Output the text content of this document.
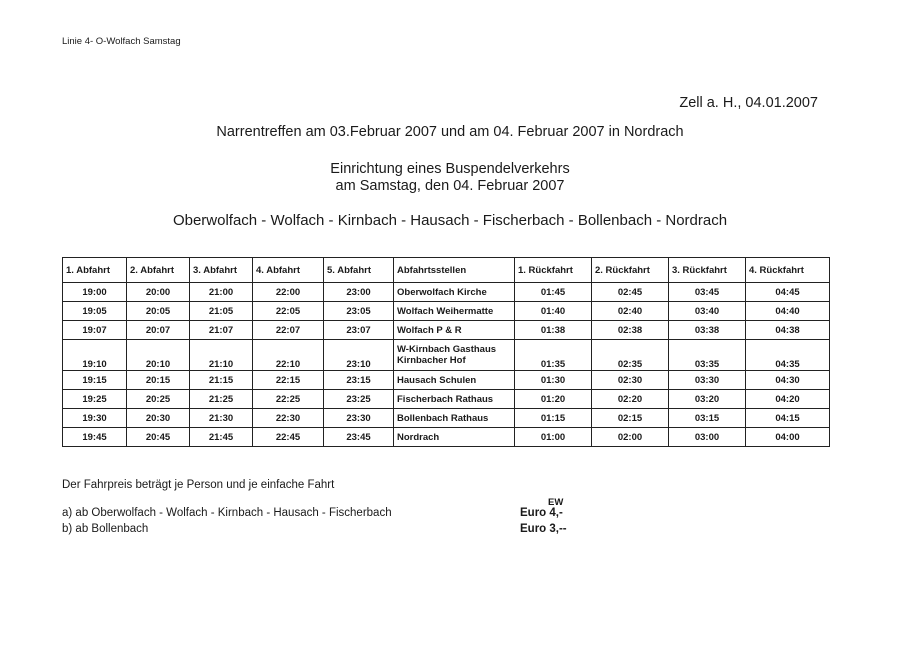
Linie 4- O-Wolfach Samstag
Zell a. H., 04.01.2007
Narrentreffen am 03.Februar 2007 und am 04. Februar 2007 in Nordrach
Einrichtung eines Buspendelverkehrs
am Samstag, den 04. Februar 2007
Oberwolfach - Wolfach - Kirnbach - Hausach - Fischerbach - Bollenbach - Nordrach
1. Abfahrt	2. Abfahrt	3. Abfahrt	4. Abfahrt	5. Abfahrt	Abfahrtsstellen	1. Rückfahrt	2. Rückfahrt	3. Rückfahrt	4. Rückfahrt
19:00	20:00	21:00	22:00	23:00	Oberwolfach Kirche	01:45	02:45	03:45	04:45
19:05	20:05	21:05	22:05	23:05	Wolfach Weihermatte	01:40	02:40	03:40	04:40
19:07	20:07	21:07	22:07	23:07	Wolfach P & R	01:38	02:38	03:38	04:38
19:10	20:10	21:10	22:10	23:10	W-Kirnbach Gasthaus
Kirnbacher Hof	01:35	02:35	03:35	04:35
19:15	20:15	21:15	22:15	23:15	Hausach Schulen	01:30	02:30	03:30	04:30
19:25	20:25	21:25	22:25	23:25	Fischerbach Rathaus	01:20	02:20	03:20	04:20
19:30	20:30	21:30	22:30	23:30	Bollenbach Rathaus	01:15	02:15	03:15	04:15
19:45	20:45	21:45	22:45	23:45	Nordrach	01:00	02:00	03:00	04:00
Der Fahrpreis beträgt je Person und je einfache Fahrt
EW
a) ab Oberwolfach - Wolfach - Kirnbach - Hausach - Fischerbach	Euro 4,-
b) ab Bollenbach	Euro 3,--
